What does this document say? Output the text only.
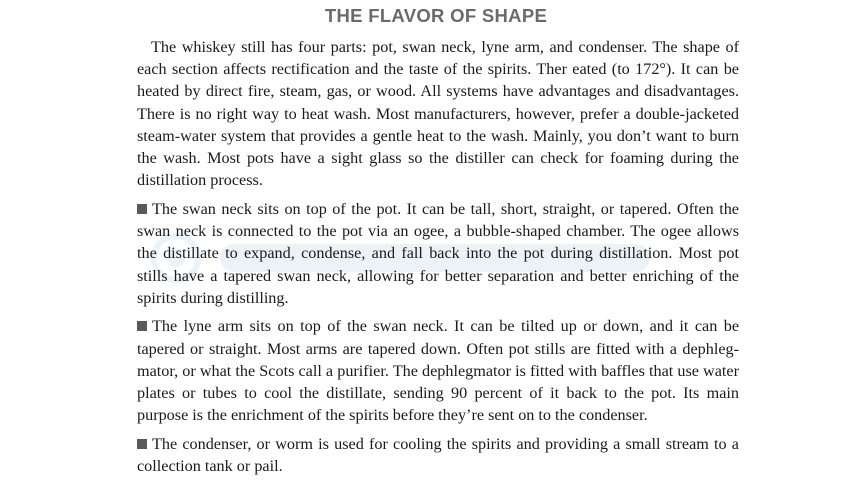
THE FLAVOR OF SHAPE

The whiskey still has four parts: pot, swan neck, lyne arm, and condenser. The shape of each section affects rectification and the taste of the spirits. Ther eated (to 172°). It can be heated by direct fire, steam, gas, or wood. All systems have advantages and disadvantages. There is no right way to heat wash. Most manufacturers, however, prefer a double-jacketed steam-water system that provides a gentle heat to the wash. Mainly, you don’t want to burn the wash. Most pots have a sight glass so the distiller can check for foaming during the distillation process.

The swan neck sits on top of the pot. It can be tall, short, straight, or tapered. Often the swan neck is connected to the pot via an ogee, a bubble-shaped chamber. The ogee allows the distillate to expand, condense, and fall back into the pot during distillation. Most pot stills have a tapered swan neck, allowing for better separation and better enriching of the spirits during distilling.

The lyne arm sits on top of the swan neck. It can be tilted up or down, and it can be tapered or straight. Most arms are tapered down. Often pot stills are fitted with a dephlegmator, or what the Scots call a purifier. The dephlegmator is fitted with baffles that use water plates or tubes to cool the distillate, sending 90 percent of it back to the pot. Its main purpose is the enrichment of the spirits before they’re sent on to the condenser.

The condenser, or worm is used for cooling the spirits and providing a small stream to a collection tank or pail.
